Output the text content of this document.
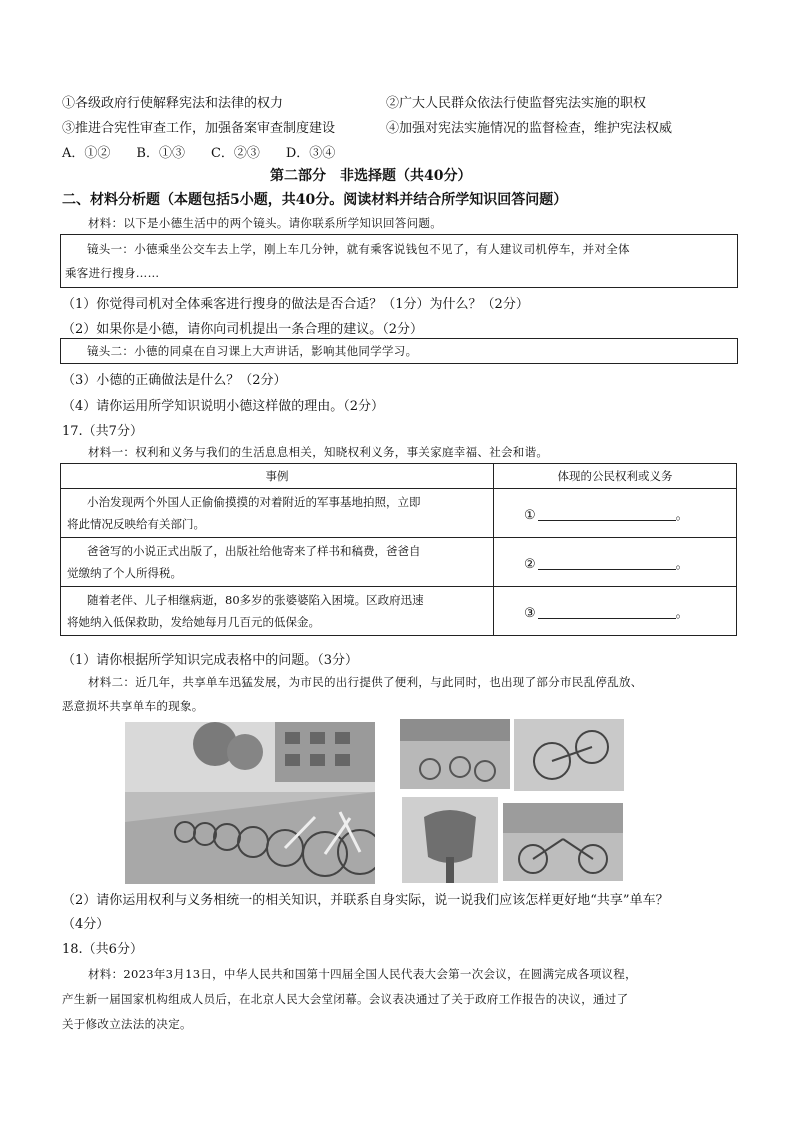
①各级政府行使解释宪法和法律的权力	②广大人民群众依法行使监督宪法实施的职权
③推进合宪性审查工作，加强备案审查制度建设	④加强对宪法实施情况的监督检查，维护宪法权威
A．①②　　B．①③　　C．②③　　D．③④
第二部分　非选择题（共40分）
二、材料分析题（本题包括5小题，共40分。阅读材料并结合所学知识回答问题）
材料：以下是小德生活中的两个镜头。请你联系所学知识回答问题。
镜头一：小德乘坐公交车去上学，刚上车几分钟，就有乘客说钱包不见了，有人建议司机停车，并对全体
乘客进行搜身……
（1）你觉得司机对全体乘客进行搜身的做法是否合适？（1分）为什么？（2分）
（2）如果你是小德，请你向司机提出一条合理的建议。（2分）
镜头二：小德的同桌在自习课上大声讲话，影响其他同学学习。
（3）小德的正确做法是什么？（2分）
（4）请你运用所学知识说明小德这样做的理由。（2分）
17.（共7分）
材料一：权利和义务与我们的生活息息相关，知晓权利义务，事关家庭幸福、社会和谐。
事例	体现的公民权利或义务

小治发现两个外国人正偷偷摸摸的对着附近的军事基地拍照，立即
将此情况反映给有关部门。	① 。

爸爸写的小说正式出版了，出版社给他寄来了样书和稿费，爸爸自
觉缴纳了个人所得税。	② 。

随着老伴、儿子相继病逝，80多岁的张婆婆陷入困境。区政府迅速
将她纳入低保救助，发给她每月几百元的低保金。	③ 。
（1）请你根据所学知识完成表格中的问题。（3分）
材料二：近几年，共享单车迅猛发展，为市民的出行提供了便利，与此同时，也出现了部分市民乱停乱放、
恶意损坏共享单车的现象。
（2）请你运用权利与义务相统一的相关知识，并联系自身实际，说一说我们应该怎样更好地“共享”单车？
（4分）
18.（共6分）
材料：2023年3月13日，中华人民共和国第十四届全国人民代表大会第一次会议，在圆满完成各项议程，
产生新一届国家机构组成人员后，在北京人民大会堂闭幕。会议表决通过了关于政府工作报告的决议，通过了
关于修改立法法的决定。
